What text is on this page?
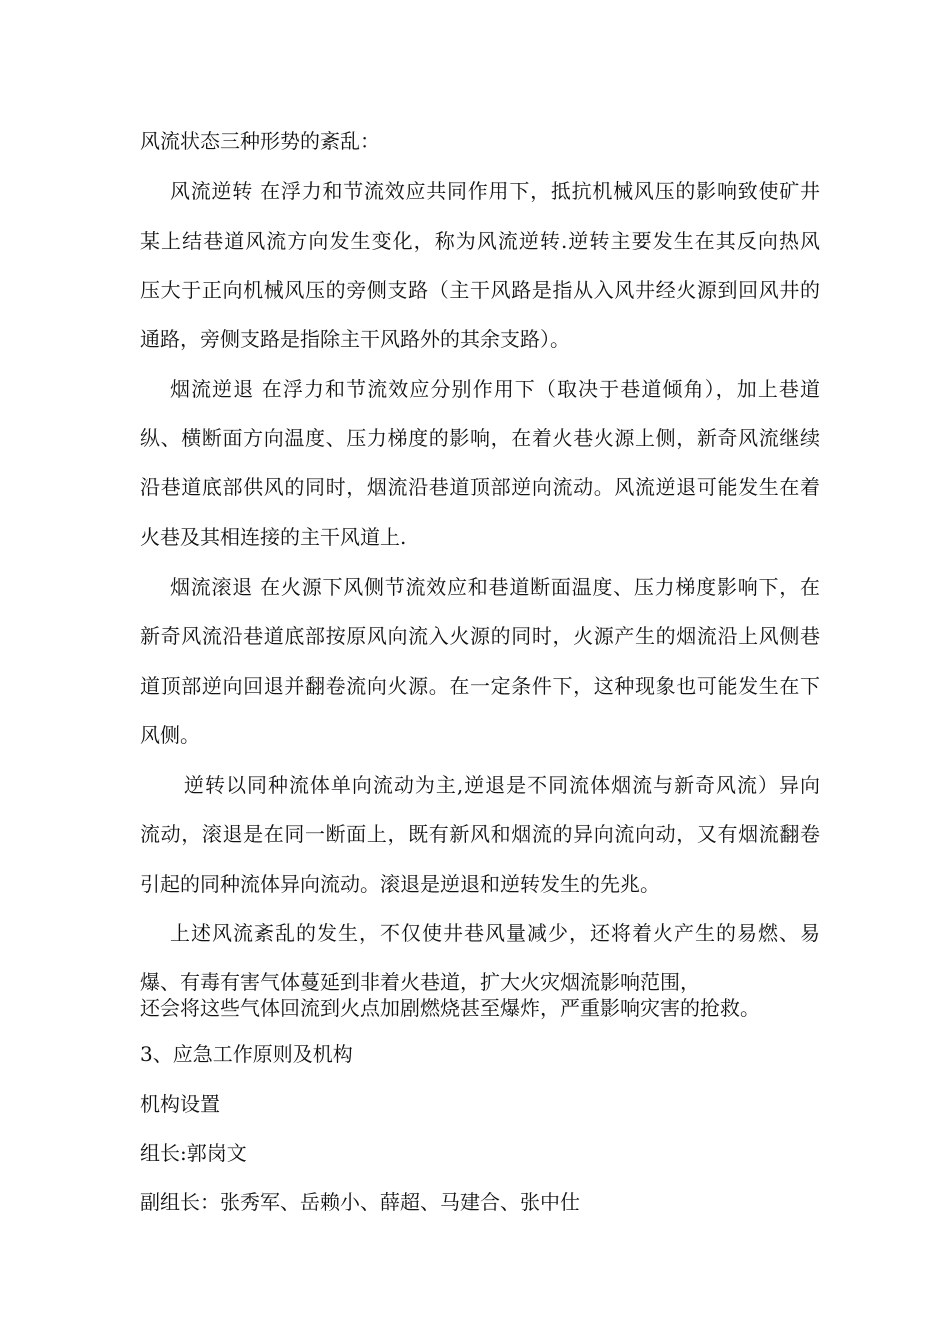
风流状态三种形势的紊乱：
风流逆转 在浮力和节流效应共同作用下，抵抗机械风压的影响致使矿井
某上结巷道风流方向发生变化，称为风流逆转.逆转主要发生在其反向热风
压大于正向机械风压的旁侧支路（主干风路是指从入风井经火源到回风井的
通路，旁侧支路是指除主干风路外的其余支路）。
烟流逆退 在浮力和节流效应分别作用下（取决于巷道倾角），加上巷道
纵、横断面方向温度、压力梯度的影响，在着火巷火源上侧，新奇风流继续
沿巷道底部供风的同时，烟流沿巷道顶部逆向流动。风流逆退可能发生在着
火巷及其相连接的主干风道上.
烟流滚退 在火源下风侧节流效应和巷道断面温度、压力梯度影响下，在
新奇风流沿巷道底部按原风向流入火源的同时，火源产生的烟流沿上风侧巷
道顶部逆向回退并翻卷流向火源。在一定条件下，这种现象也可能发生在下
风侧。
逆转以同种流体单向流动为主,逆退是不同流体烟流与新奇风流）异向
流动，滚退是在同一断面上，既有新风和烟流的异向流向动，又有烟流翻卷
引起的同种流体异向流动。滚退是逆退和逆转发生的先兆。
上述风流紊乱的发生，不仅使井巷风量减少，还将着火产生的易燃、易
爆、有毒有害气体蔓延到非着火巷道，扩大火灾烟流影响范围，
还会将这些气体回流到火点加剧燃烧甚至爆炸，严重影响灾害的抢救。
3、应急工作原则及机构
机构设置
组长:郭岗文
副组长：张秀军、岳赖小、薛超、马建合、张中仕
